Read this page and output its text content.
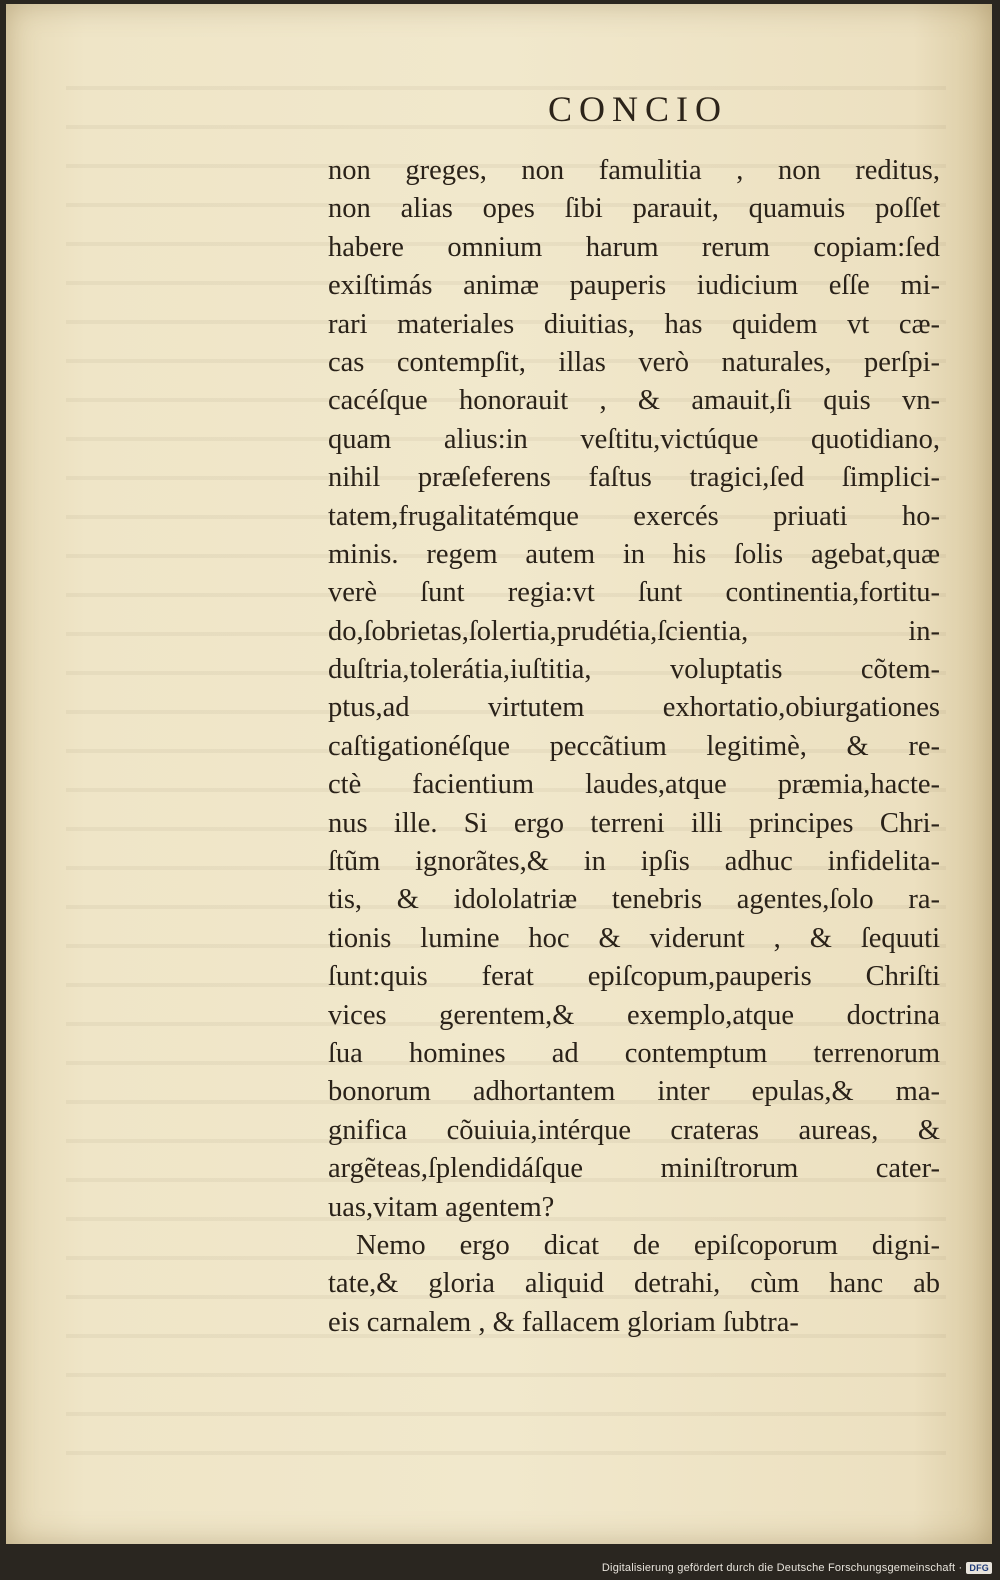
CONCIO
non greges, non famulitia , non reditus,
non alias opes ſibi parauit, quamuis poſſet
habere omnium harum rerum copiam:ſed
exiſtimás animæ pauperis iudicium eſſe mi-
rari materiales diuitias, has quidem vt cæ-
cas contempſit, illas verò naturales, perſpi-
cacéſque honorauit , & amauit,ſi quis vn-
quam alius:in veſtitu,victúque quotidiano,
nihil præſeferens faſtus tragici,ſed ſimplici-
tatem,frugalitatémque exercés priuati ho-
minis. regem autem in his ſolis agebat,quæ
verè ſunt regia:vt ſunt continentia,fortitu-
do,ſobrietas,ſolertia,prudétia,ſcientia, in-
duſtria,tolerátia,iuſtitia, voluptatis cõtem-
ptus,ad virtutem exhortatio,obiurgationes
caſtigationéſque peccãtium legitimè, & re-
ctè facientium laudes,atque præmia,hacte-
nus ille. Si ergo terreni illi principes Chri-
ſtũm ignorãtes,& in ipſis adhuc infidelita-
tis, & idololatriæ tenebris agentes,ſolo ra-
tionis lumine hoc & viderunt , & ſequuti
ſunt:quis ferat epiſcopum,pauperis Chriſti
vices gerentem,& exemplo,atque doctrina
ſua homines ad contemptum terrenorum
bonorum adhortantem inter epulas,& ma-
gnifica cõuiuia,intérque crateras aureas, &
argẽteas,ſplendidáſque miniſtrorum cater-
uas,vitam agentem?
Nemo ergo dicat de epiſcoporum digni-
tate,& gloria aliquid detrahi, cùm hanc ab
eis carnalem , & fallacem gloriam ſubtra-
Digitalisierung gefördert durch die Deutsche Forschungsgemeinschaft · DFG
